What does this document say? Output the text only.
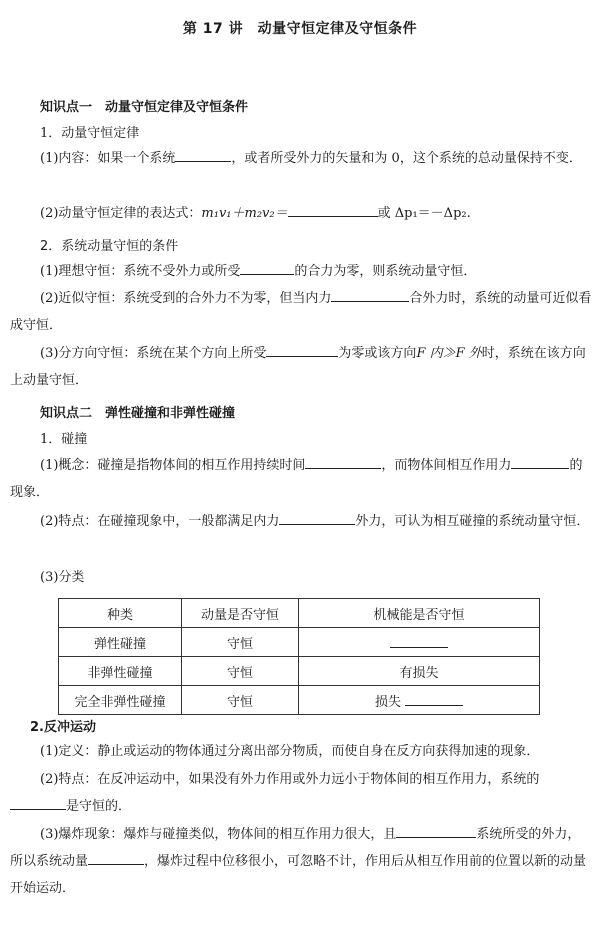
第 17 讲　动量守恒定律及守恒条件
知识点一　动量守恒定律及守恒条件
1．动量守恒定律

(1)内容：如果一个系统	，或者所受外力的矢量和为 0，这个系统的总动量保持不变．

(2)动量守恒定律的表达式：m₁v₁＋m₂v₂＝	或 Δp₁＝－Δp₂.

2．系统动量守恒的条件

(1)理想守恒：系统不受外力或所受	的合力为零，则系统动量守恒．

(2)近似守恒：系统受到的合外力不为零，但当内力	合外力时，系统的动量可近似看成守恒．

(3)分方向守恒：系统在某个方向上所受	为零或该方向F 内≫F 外时，系统在该方向上动量守恒．

知识点二　弹性碰撞和非弹性碰撞
1．碰撞

(1)概念：碰撞是指物体间的相互作用持续时间	，而物体间相互作用力	的现象．

(2)特点：在碰撞现象中，一般都满足内力	外力，可认为相互碰撞的系统动量守恒．

(3)分类

种类	动量是否守恒	机械能是否守恒
弹性碰撞	守恒	
非弹性碰撞	守恒	有损失
完全非弹性碰撞	守恒	损失
2.反冲运动

(1)定义：静止或运动的物体通过分离出部分物质，而使自身在反方向获得加速的现象．

(2)特点：在反冲运动中，如果没有外力作用或外力远小于物体间的相互作用力，系统的是守恒的．

(3)爆炸现象：爆炸与碰撞类似，物体间的相互作用力很大，且	系统所受的外力，所以系统动量	，爆炸过程中位移很小，可忽略不计，作用后从相互作用前的位置以新的动量开始运动．
